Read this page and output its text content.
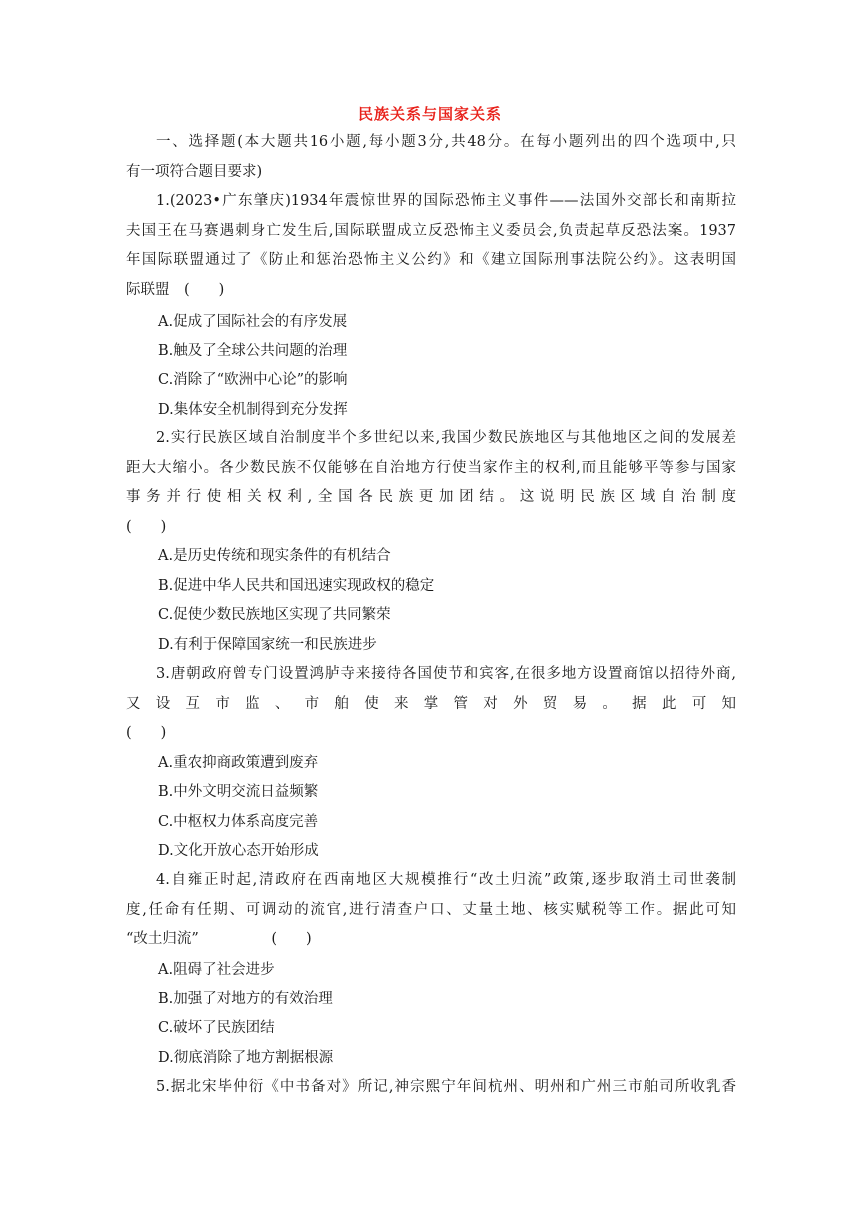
民族关系与国家关系
一、选择题(本大题共16小题,每小题3分,共48分。在每小题列出的四个选项中,只
有一项符合题目要求)
1.(2023•广东肇庆)1934年震惊世界的国际恐怖主义事件——法国外交部长和南斯拉
夫国王在马赛遇刺身亡发生后,国际联盟成立反恐怖主义委员会,负责起草反恐法案。1937
年国际联盟通过了《防止和惩治恐怖主义公约》和《建立国际刑事法院公约》。这表明国
际联盟　(　　)
A.促成了国际社会的有序发展
B.触及了全球公共问题的治理
C.消除了“欧洲中心论”的影响
D.集体安全机制得到充分发挥
2.实行民族区域自治制度半个多世纪以来,我国少数民族地区与其他地区之间的发展差
距大大缩小。各少数民族不仅能够在自治地方行使当家作主的权利,而且能够平等参与国家
事务并行使相关权利,全国各民族更加团结。这说明民族区域自治制度
(　　)
A.是历史传统和现实条件的有机结合
B.促进中华人民共和国迅速实现政权的稳定
C.促使少数民族地区实现了共同繁荣
D.有利于保障国家统一和民族进步
3.唐朝政府曾专门设置鸿胪寺来接待各国使节和宾客,在很多地方设置商馆以招待外商,
又设互市监、市舶使来掌管对外贸易。据此可知
(　　)
A.重农抑商政策遭到废弃
B.中外文明交流日益频繁
C.中枢权力体系高度完善
D.文化开放心态开始形成
4.自雍正时起,清政府在西南地区大规模推行“改土归流”政策,逐步取消土司世袭制
度,任命有任期、可调动的流官,进行清查户口、丈量土地、核实赋税等工作。据此可知
“改土归流”　　　　　(　　)
A.阻碍了社会进步
B.加强了对地方的有效治理
C.破坏了民族团结
D.彻底消除了地方割据根源
5.据北宋毕仲衍《中书备对》所记,神宗熙宁年间杭州、明州和广州三市舶司所收乳香
